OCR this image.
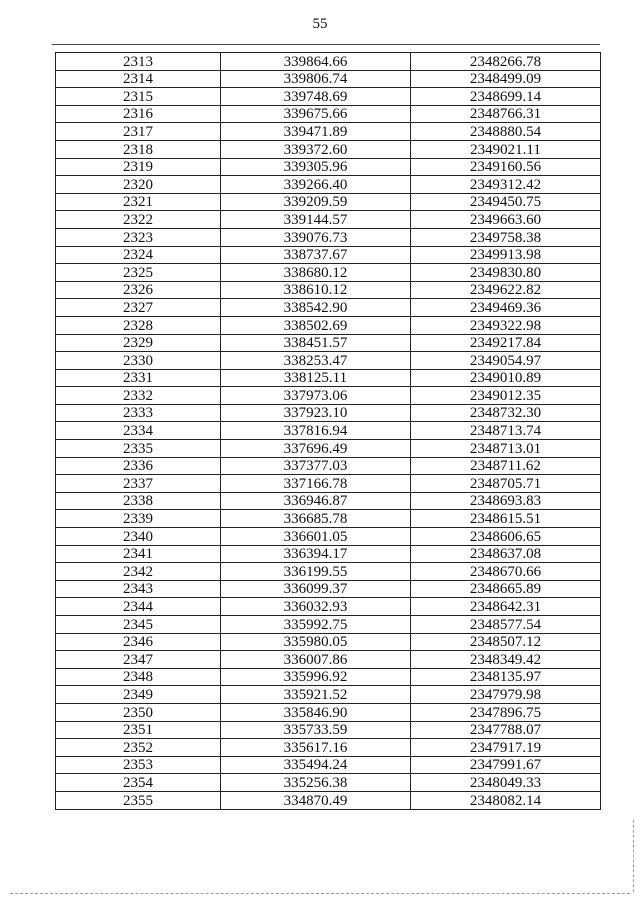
55
2313	339864.66	2348266.78
2314	339806.74	2348499.09
2315	339748.69	2348699.14
2316	339675.66	2348766.31
2317	339471.89	2348880.54
2318	339372.60	2349021.11
2319	339305.96	2349160.56
2320	339266.40	2349312.42
2321	339209.59	2349450.75
2322	339144.57	2349663.60
2323	339076.73	2349758.38
2324	338737.67	2349913.98
2325	338680.12	2349830.80
2326	338610.12	2349622.82
2327	338542.90	2349469.36
2328	338502.69	2349322.98
2329	338451.57	2349217.84
2330	338253.47	2349054.97
2331	338125.11	2349010.89
2332	337973.06	2349012.35
2333	337923.10	2348732.30
2334	337816.94	2348713.74
2335	337696.49	2348713.01
2336	337377.03	2348711.62
2337	337166.78	2348705.71
2338	336946.87	2348693.83
2339	336685.78	2348615.51
2340	336601.05	2348606.65
2341	336394.17	2348637.08
2342	336199.55	2348670.66
2343	336099.37	2348665.89
2344	336032.93	2348642.31
2345	335992.75	2348577.54
2346	335980.05	2348507.12
2347	336007.86	2348349.42
2348	335996.92	2348135.97
2349	335921.52	2347979.98
2350	335846.90	2347896.75
2351	335733.59	2347788.07
2352	335617.16	2347917.19
2353	335494.24	2347991.67
2354	335256.38	2348049.33
2355	334870.49	2348082.14
